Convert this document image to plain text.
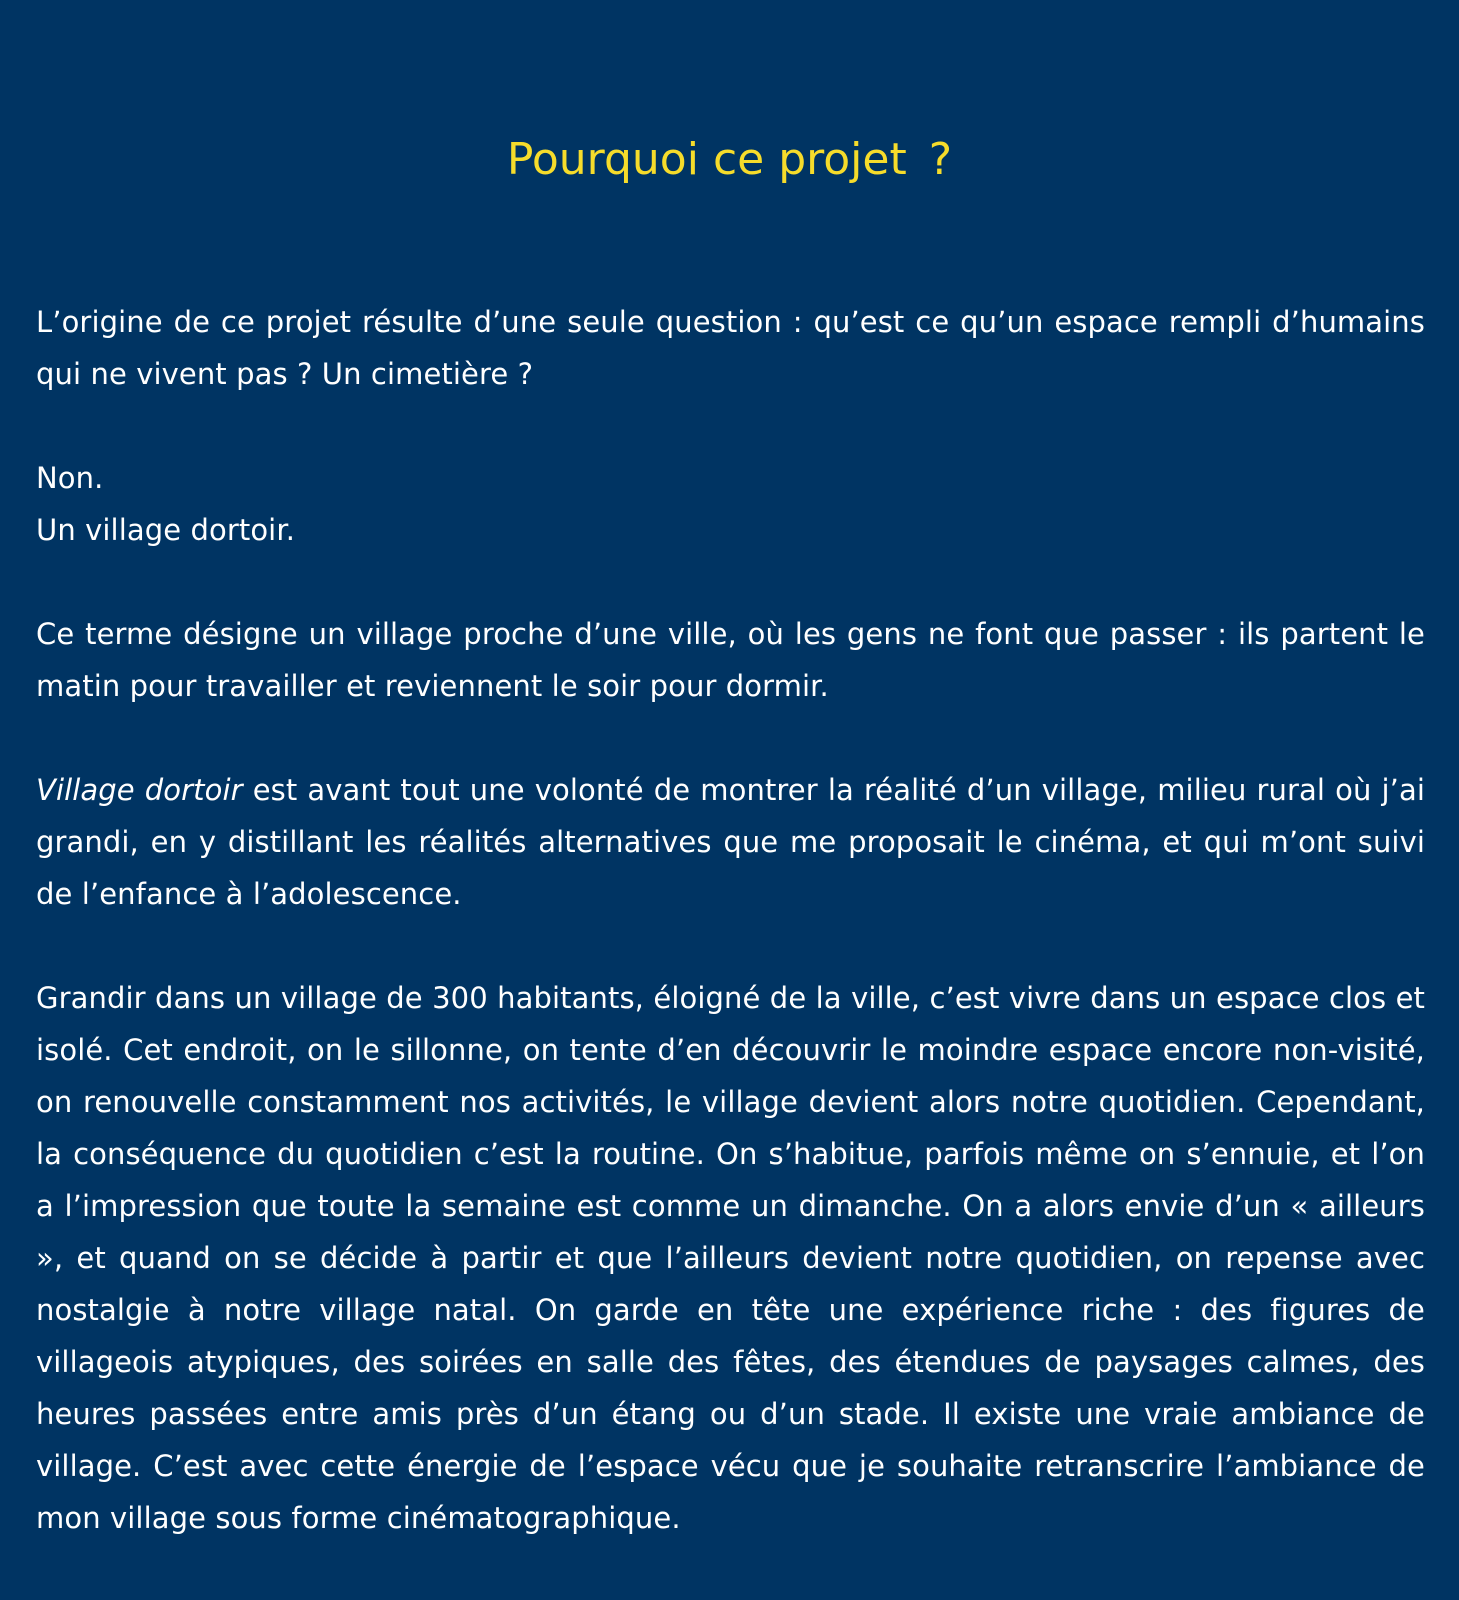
Pourquoi ce projet ?

L’origine de ce projet résulte d’une seule question : qu’est ce qu’un espace rempli d’humains qui ne vivent pas ? Un cimetière ?

Non.
Un village dortoir.

Ce terme désigne un village proche d’une ville, où les gens ne font que passer : ils partent le matin pour travailler et reviennent le soir pour dormir.

Village dortoir est avant tout une volonté de montrer la réalité d’un village, milieu rural où j’ai grandi, en y distillant les réalités alternatives que me proposait le cinéma, et qui m’ont suivi de l’enfance à l’adolescence.

Grandir dans un village de 300 habitants, éloigné de la ville, c’est vivre dans un espace clos et isolé. Cet endroit, on le sillonne, on tente d’en découvrir le moindre espace encore non-visité, on renouvelle constamment nos activités, le village devient alors notre quotidien. Cependant, la conséquence du quotidien c’est la routine. On s’habitue, parfois même on s’ennuie, et l’on a l’impression que toute la semaine est comme un dimanche. On a alors envie d’un « ailleurs », et quand on se décide à partir et que l’ailleurs devient notre quotidien, on repense avec nostalgie à notre village natal. On garde en tête une expérience riche : des figures de villageois atypiques, des soirées en salle des fêtes, des étendues de paysages calmes, des heures passées entre amis près d’un étang ou d’un stade. Il existe une vraie ambiance de village. C’est avec cette énergie de l’espace vécu que je souhaite retranscrire l’ambiance de mon village sous forme cinématographique.
